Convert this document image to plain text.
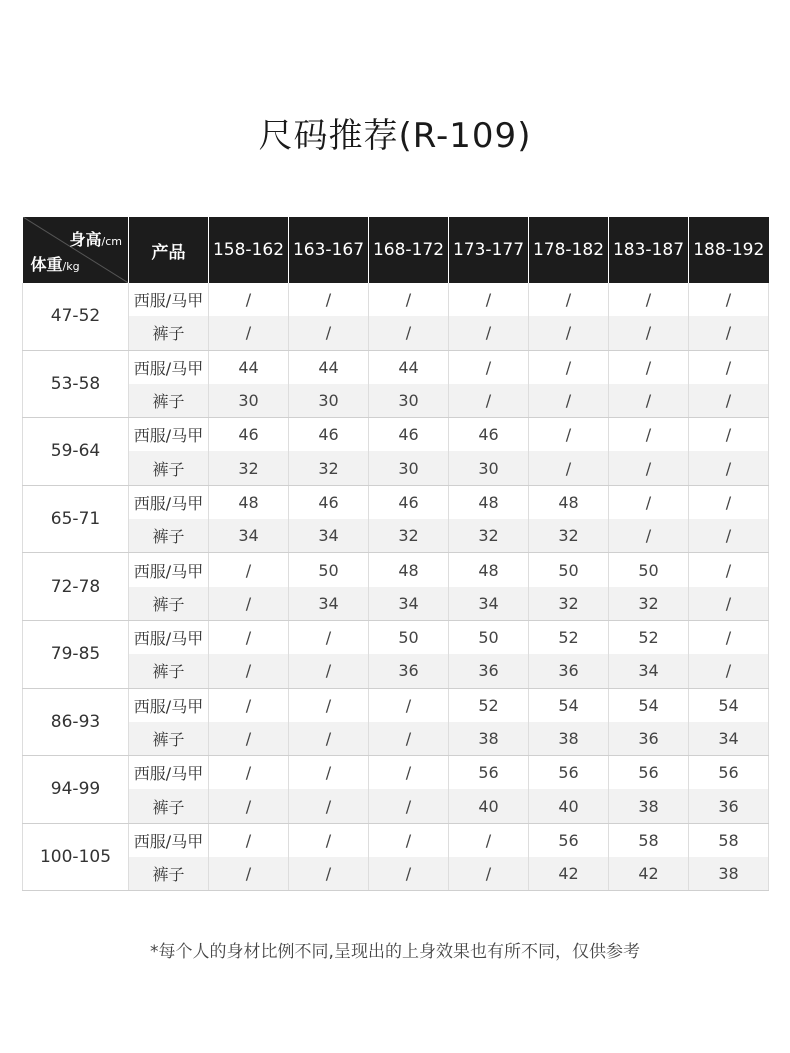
尺码推荐(R-109)
身高/cm
体重/kg	产品	158-162	163-167	168-172	173-177	178-182	183-187	188-192
47-52	西服/马甲	/	/	/	/	/	/	/
	裤子	/	/	/	/	/	/	/
53-58	西服/马甲	44	44	44	/	/	/	/
	裤子	30	30	30	/	/	/	/
59-64	西服/马甲	46	46	46	46	/	/	/
	裤子	32	32	30	30	/	/	/
65-71	西服/马甲	48	46	46	48	48	/	/
	裤子	34	34	32	32	32	/	/
72-78	西服/马甲	/	50	48	48	50	50	/
	裤子	/	34	34	34	32	32	/
79-85	西服/马甲	/	/	50	50	52	52	/
	裤子	/	/	36	36	36	34	/
86-93	西服/马甲	/	/	/	52	54	54	54
	裤子	/	/	/	38	38	36	34
94-99	西服/马甲	/	/	/	56	56	56	56
	裤子	/	/	/	40	40	38	36
100-105	西服/马甲	/	/	/	/	56	58	58
	裤子	/	/	/	/	42	42	38
*每个人的身材比例不同,呈现出的上身效果也有所不同，仅供参考
